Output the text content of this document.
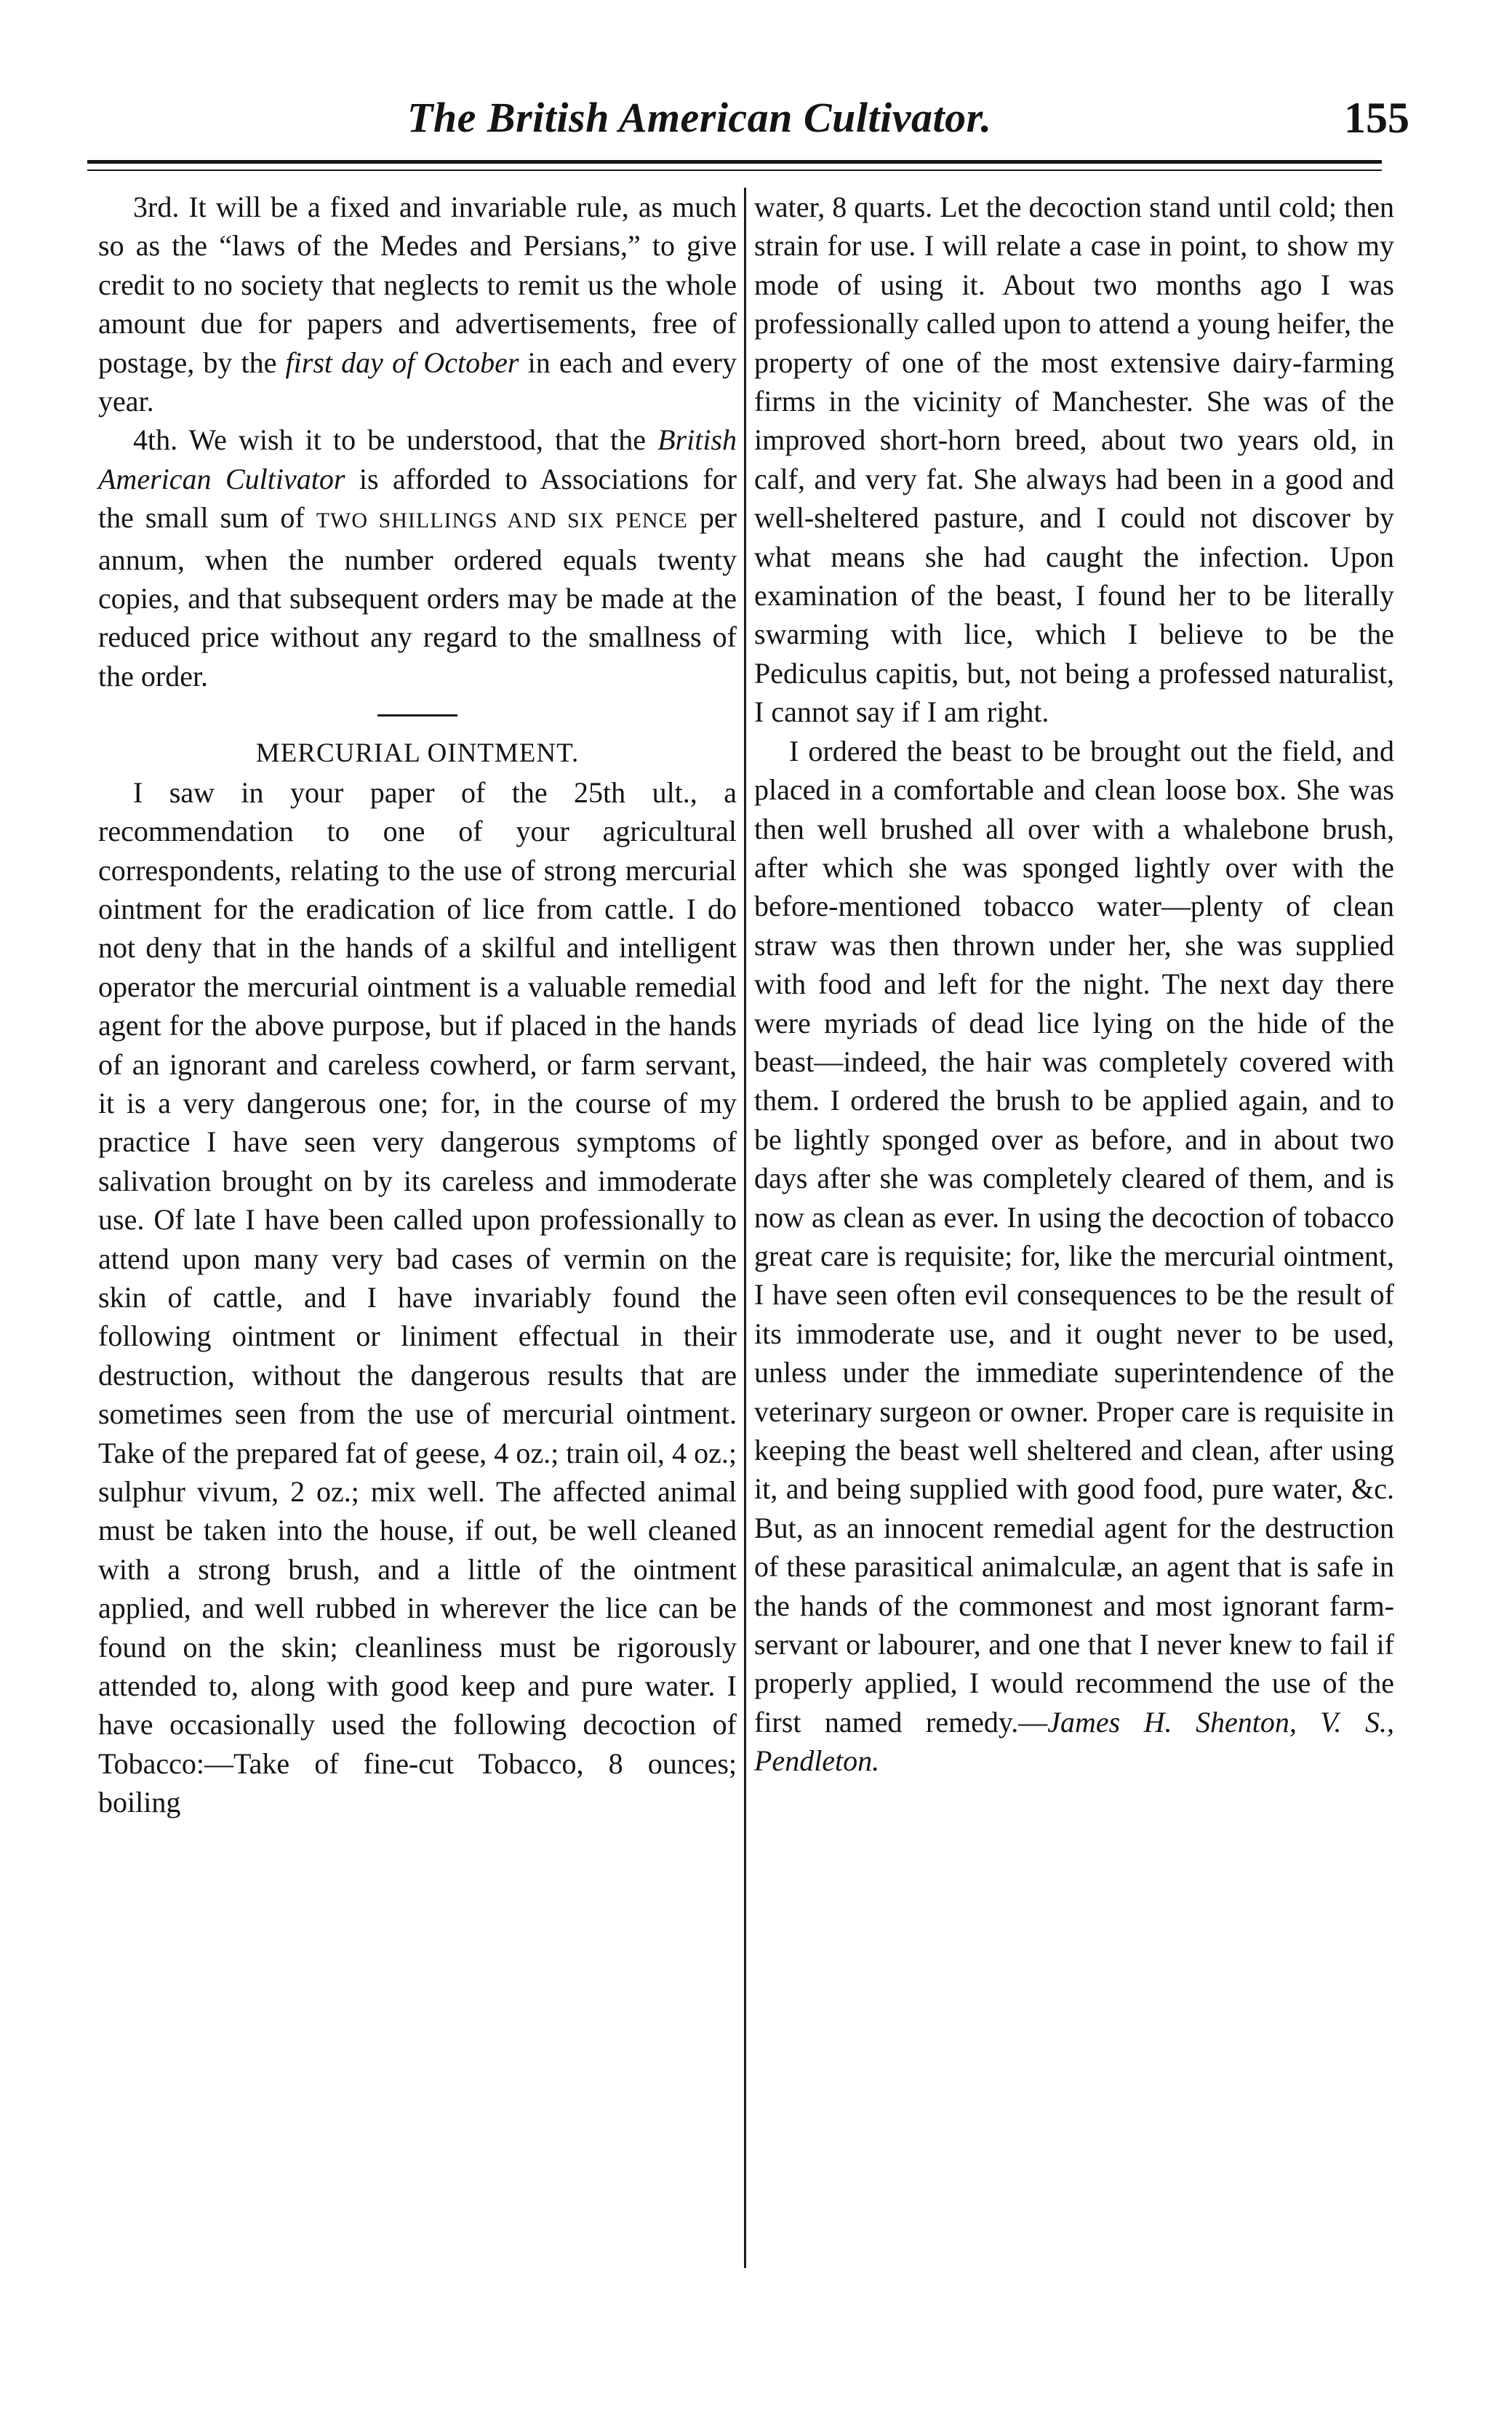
The British American Cultivator.	155

3rd. It will be a fixed and invariable rule, as much so as the “laws of the Medes and Persians,” to give credit to no society that neglects to remit us the whole amount due for papers and advertisements, free of postage, by the first day of October in each and every year.

4th. We wish it to be understood, that the British American Cultivator is afforded to Associations for the small sum of TWO SHILLINGS AND SIX PENCE per annum, when the number ordered equals twenty copies, and that subsequent orders may be made at the reduced price without any regard to the smallness of the order.

MERCURIAL OINTMENT.

I saw in your paper of the 25th ult., a recommendation to one of your agricultural correspondents, relating to the use of strong mercurial ointment for the eradication of lice from cattle. I do not deny that in the hands of a skilful and intelligent operator the mercurial ointment is a valuable remedial agent for the above purpose, but if placed in the hands of an ignorant and careless cowherd, or farm servant, it is a very dangerous one; for, in the course of my practice I have seen very dangerous symptoms of salivation brought on by its careless and immoderate use. Of late I have been called upon professionally to attend upon many very bad cases of vermin on the skin of cattle, and I have invariably found the following ointment or liniment effectual in their destruction, without the dangerous results that are sometimes seen from the use of mercurial ointment. Take of the prepared fat of geese, 4 oz.; train oil, 4 oz.; sulphur vivum, 2 oz.; mix well. The affected animal must be taken into the house, if out, be well cleaned with a strong brush, and a little of the ointment applied, and well rubbed in wherever the lice can be found on the skin; cleanliness must be rigorously attended to, along with good keep and pure water. I have occasionally used the following decoction of Tobacco:—Take of fine-cut Tobacco, 8 ounces; boiling

water, 8 quarts. Let the decoction stand until cold; then strain for use. I will relate a case in point, to show my mode of using it. About two months ago I was professionally called upon to attend a young heifer, the property of one of the most extensive dairy-farming firms in the vicinity of Manchester. She was of the improved short-horn breed, about two years old, in calf, and very fat. She always had been in a good and well-sheltered pasture, and I could not discover by what means she had caught the infection. Upon examination of the beast, I found her to be literally swarming with lice, which I believe to be the Pediculus capitis, but, not being a professed naturalist, I cannot say if I am right.

I ordered the beast to be brought out the field, and placed in a comfortable and clean loose box. She was then well brushed all over with a whalebone brush, after which she was sponged lightly over with the before-mentioned tobacco water—plenty of clean straw was then thrown under her, she was supplied with food and left for the night. The next day there were myriads of dead lice lying on the hide of the beast—indeed, the hair was completely covered with them. I ordered the brush to be applied again, and to be lightly sponged over as before, and in about two days after she was completely cleared of them, and is now as clean as ever. In using the decoction of tobacco great care is requisite; for, like the mercurial ointment, I have seen often evil consequences to be the result of its immoderate use, and it ought never to be used, unless under the immediate superintendence of the veterinary surgeon or owner. Proper care is requisite in keeping the beast well sheltered and clean, after using it, and being supplied with good food, pure water, &c. But, as an innocent remedial agent for the destruction of these parasitical animalculæ, an agent that is safe in the hands of the commonest and most ignorant farm-servant or labourer, and one that I never knew to fail if properly applied, I would recommend the use of the first named remedy.—James H. Shenton, V. S., Pendleton.
